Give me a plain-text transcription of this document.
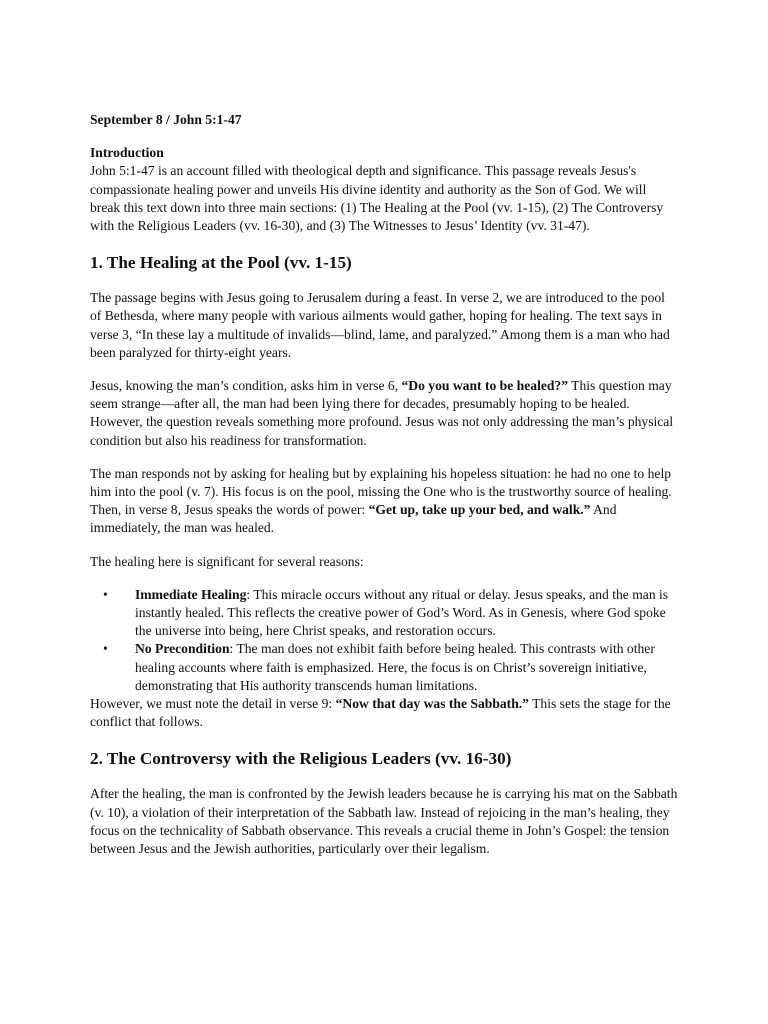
September 8 / John 5:1-47
Introduction
John 5:1-47 is an account filled with theological depth and significance. This passage reveals Jesus's compassionate healing power and unveils His divine identity and authority as the Son of God. We will break this text down into three main sections: (1) The Healing at the Pool (vv. 1-15), (2) The Controversy with the Religious Leaders (vv. 16-30), and (3) The Witnesses to Jesus’ Identity (vv. 31-47).
1. The Healing at the Pool (vv. 1-15)

The passage begins with Jesus going to Jerusalem during a feast. In verse 2, we are introduced to the pool of Bethesda, where many people with various ailments would gather, hoping for healing. The text says in verse 3, “In these lay a multitude of invalids—blind, lame, and paralyzed.” Among them is a man who had been paralyzed for thirty-eight years.

Jesus, knowing the man’s condition, asks him in verse 6, “Do you want to be healed?” This question may seem strange—after all, the man had been lying there for decades, presumably hoping to be healed. However, the question reveals something more profound. Jesus was not only addressing the man’s physical condition but also his readiness for transformation.

The man responds not by asking for healing but by explaining his hopeless situation: he had no one to help him into the pool (v. 7). His focus is on the pool, missing the One who is the trustworthy source of healing. Then, in verse 8, Jesus speaks the words of power: “Get up, take up your bed, and walk.” And immediately, the man was healed.

The healing here is significant for several reasons:

• Immediate Healing: This miracle occurs without any ritual or delay. Jesus speaks, and the man is instantly healed. This reflects the creative power of God’s Word. As in Genesis, where God spoke the universe into being, here Christ speaks, and restoration occurs.
• No Precondition: The man does not exhibit faith before being healed. This contrasts with other healing accounts where faith is emphasized. Here, the focus is on Christ’s sovereign initiative, demonstrating that His authority transcends human limitations.

However, we must note the detail in verse 9: “Now that day was the Sabbath.” This sets the stage for the conflict that follows.

2. The Controversy with the Religious Leaders (vv. 16-30)

After the healing, the man is confronted by the Jewish leaders because he is carrying his mat on the Sabbath (v. 10), a violation of their interpretation of the Sabbath law. Instead of rejoicing in the man’s healing, they focus on the technicality of Sabbath observance. This reveals a crucial theme in John’s Gospel: the tension between Jesus and the Jewish authorities, particularly over their legalism.
